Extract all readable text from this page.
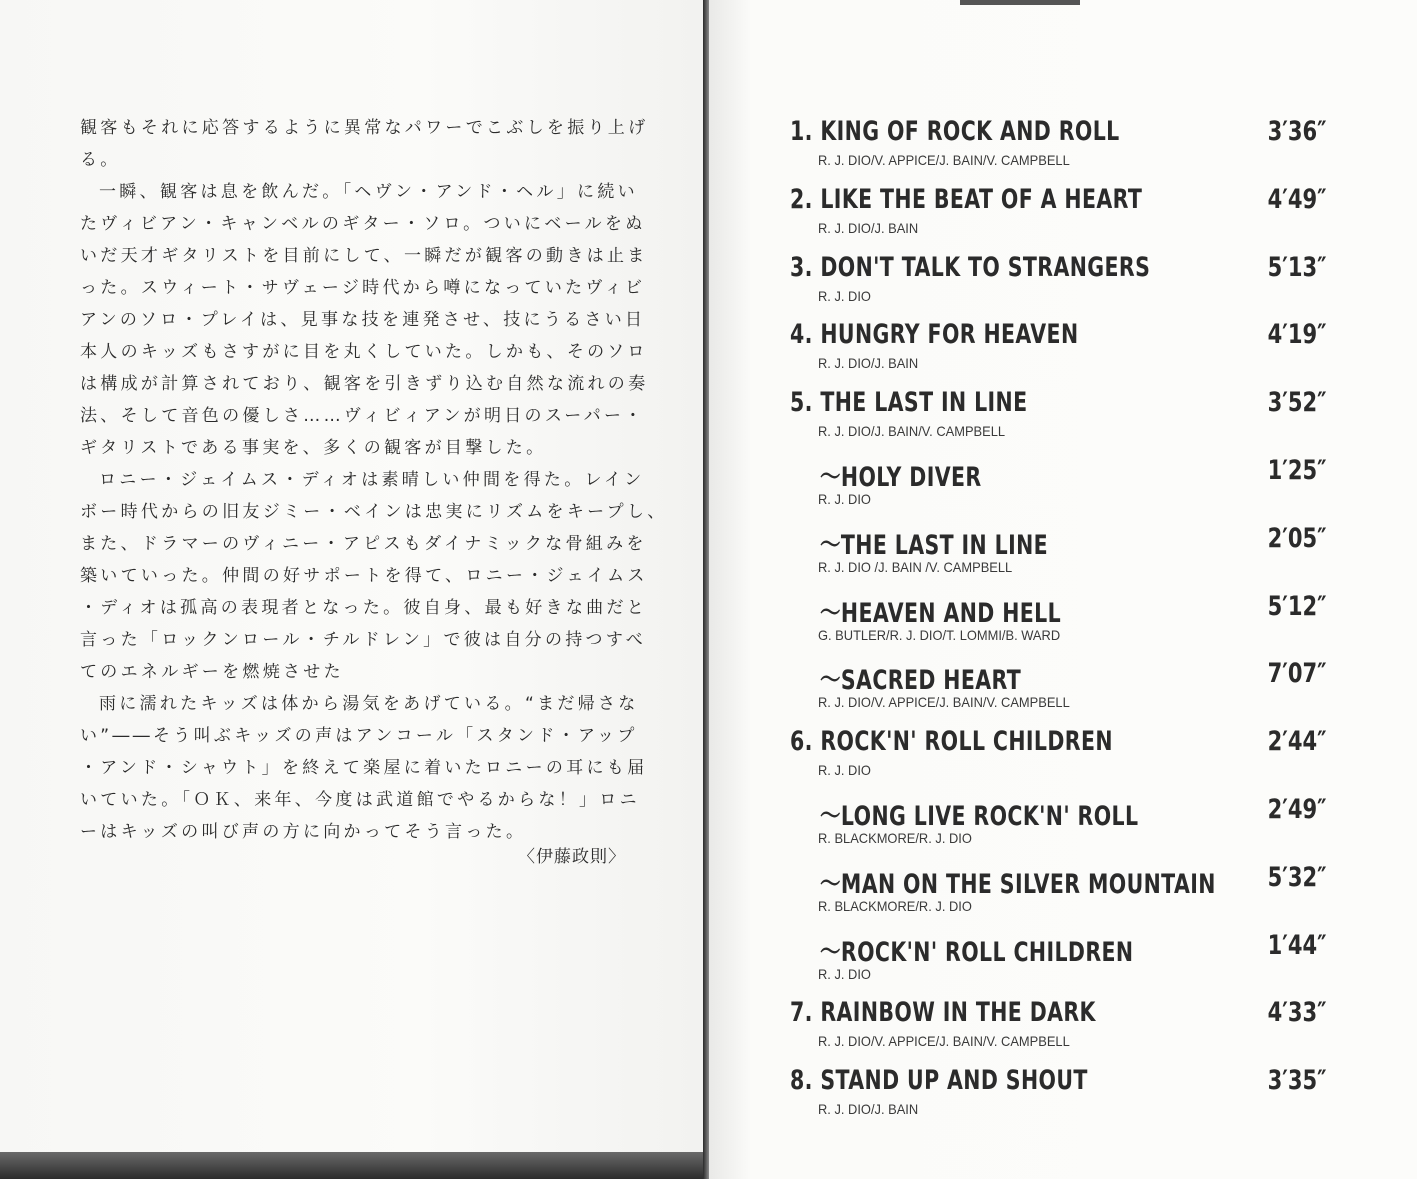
観客もそれに応答するように異常なパワーでこぶしを振り上げ
る。
一瞬、観客は息を飲んだ。「ヘヴン・アンド・ヘル」に続い
たヴィビアン・キャンベルのギター・ソロ。ついにベールをぬ
いだ天才ギタリストを目前にして、一瞬だが観客の動きは止ま
った。スウィート・サヴェージ時代から噂になっていたヴィビ
アンのソロ・プレイは、見事な技を連発させ、技にうるさい日
本人のキッズもさすがに目を丸くしていた。しかも、そのソロ
は構成が計算されており、観客を引きずり込む自然な流れの奏
法、そして音色の優しさ……ヴィビィアンが明日のスーパー・
ギタリストである事実を、多くの観客が目撃した。
ロニー・ジェイムス・ディオは素晴しい仲間を得た。レイン
ボー時代からの旧友ジミー・ベインは忠実にリズムをキープし、
また、ドラマーのヴィニー・アピスもダイナミックな骨組みを
築いていった。仲間の好サポートを得て、ロニー・ジェイムス
・ディオは孤高の表現者となった。彼自身、最も好きな曲だと
言った「ロックンロール・チルドレン」で彼は自分の持つすべ
てのエネルギーを燃焼させた
雨に濡れたキッズは体から湯気をあげている。“まだ帰さな
い”――そう叫ぶキッズの声はアンコール「スタンド・アップ
・アンド・シャウト」を終えて楽屋に着いたロニーの耳にも届
いていた。「ＯＫ、来年、今度は武道館でやるからな！」ロニ
ーはキッズの叫び声の方に向かってそう言った。
〈伊藤政則〉
1. KING OF ROCK AND ROLL	3′36″
R. J. DIO/V. APPICE/J. BAIN/V. CAMPBELL
2. LIKE THE BEAT OF A HEART	4′49″
R. J. DIO/J. BAIN
3. DON'T TALK TO STRANGERS	5′13″
R. J. DIO
4. HUNGRY FOR HEAVEN	4′19″
R. J. DIO/J. BAIN
5. THE LAST IN LINE	3′52″
R. J. DIO/J. BAIN/V. CAMPBELL
～HOLY DIVER	1′25″
R. J. DIO
～THE LAST IN LINE	2′05″
R. J. DIO /J. BAIN /V. CAMPBELL
～HEAVEN AND HELL	5′12″
G. BUTLER/R. J. DIO/T. LOMMI/B. WARD
～SACRED HEART	7′07″
R. J. DIO/V. APPICE/J. BAIN/V. CAMPBELL
6. ROCK'N' ROLL CHILDREN	2′44″
R. J. DIO
～LONG LIVE ROCK'N' ROLL	2′49″
R. BLACKMORE/R. J. DIO
～MAN ON THE SILVER MOUNTAIN 5′32″
R. BLACKMORE/R. J. DIO
～ROCK'N' ROLL CHILDREN	1′44″
R. J. DIO
7. RAINBOW IN THE DARK	4′33″
R. J. DIO/V. APPICE/J. BAIN/V. CAMPBELL
8. STAND UP AND SHOUT	3′35″
R. J. DIO/J. BAIN
